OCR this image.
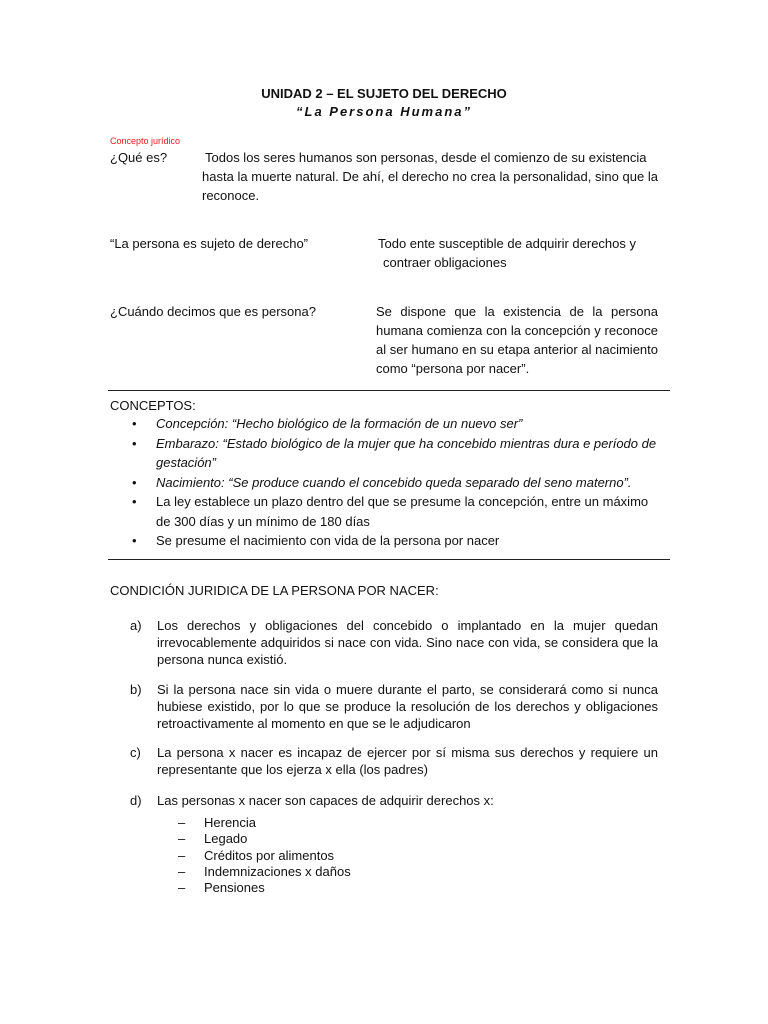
UNIDAD 2 – EL SUJETO DEL DERECHO
“La Persona Humana”
Concepto jurídico
¿Qué es?	Todos los seres humanos son personas, desde el comienzo de su existencia
hasta la muerte natural. De ahí, el derecho no crea la personalidad, sino que la reconoce.
“La persona es sujeto de derecho”	Todo ente susceptible de adquirir derechos y
contraer obligaciones
¿Cuándo decimos que es persona?	Se dispone que la existencia de la persona humana comienza con la concepción y reconoce al ser humano en su etapa anterior al nacimiento como “persona por nacer”.
CONCEPTOS:
• Concepción: “Hecho biológico de la formación de un nuevo ser”
• Embarazo: “Estado biológico de la mujer que ha concebido mientras dura e período de gestación”
• Nacimiento: “Se produce cuando el concebido queda separado del seno materno”.
• La ley establece un plazo dentro del que se presume la concepción, entre un máximo de 300 días y un mínimo de 180 días
• Se presume el nacimiento con vida de la persona por nacer
CONDICIÓN JURIDICA DE LA PERSONA POR NACER:
a) Los derechos y obligaciones del concebido o implantado en la mujer quedan irrevocablemente adquiridos si nace con vida. Sino nace con vida, se considera que la persona nunca existió.
b) Si la persona nace sin vida o muere durante el parto, se considerará como si nunca hubiese existido, por lo que se produce la resolución de los derechos y obligaciones retroactivamente al momento en que se le adjudicaron
c) La persona x nacer es incapaz de ejercer por sí misma sus derechos y requiere un representante que los ejerza x ella (los padres)
d) Las personas x nacer son capaces de adquirir derechos x:
– Herencia
– Legado
– Créditos por alimentos
– Indemnizaciones x daños
– Pensiones
